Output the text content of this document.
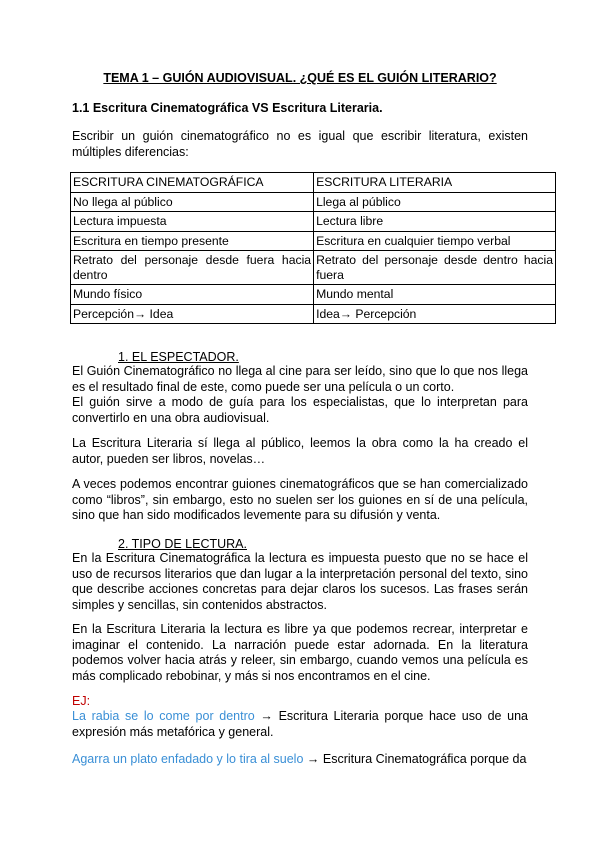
TEMA 1 – GUIÓN AUDIOVISUAL. ¿QUÉ ES EL GUIÓN LITERARIO?
1.1 Escritura Cinematográfica VS Escritura Literaria.
Escribir un guión cinematográfico no es igual que escribir literatura, existen múltiples diferencias:
ESCRITURA CINEMATOGRÁFICA	ESCRITURA LITERARIA
No llega al público	Llega al público
Lectura impuesta	Lectura libre
Escritura en tiempo presente	Escritura en cualquier tiempo verbal
Retrato del personaje desde fuera hacia dentro	Retrato del personaje desde dentro hacia fuera
Mundo físico	Mundo mental
Percepción→ Idea	Idea→ Percepción
1. EL ESPECTADOR.
El Guión Cinematográfico no llega al cine para ser leído, sino que lo que nos llega es el resultado final de este, como puede ser una película o un corto.
El guión sirve a modo de guía para los especialistas, que lo interpretan para convertirlo en una obra audiovisual.
La Escritura Literaria sí llega al público, leemos la obra como la ha creado el autor, pueden ser libros, novelas…
A veces podemos encontrar guiones cinematográficos que se han comercializado como “libros”, sin embargo, esto no suelen ser los guiones en sí de una película, sino que han sido modificados levemente para su difusión y venta.
2. TIPO DE LECTURA.
En la Escritura Cinematográfica la lectura es impuesta puesto que no se hace el uso de recursos literarios que dan lugar a la interpretación personal del texto, sino que describe acciones concretas para dejar claros los sucesos. Las frases serán simples y sencillas, sin contenidos abstractos.
En la Escritura Literaria la lectura es libre ya que podemos recrear, interpretar e imaginar el contenido. La narración puede estar adornada. En la literatura podemos volver hacia atrás y releer, sin embargo, cuando vemos una película es más complicado rebobinar, y más si nos encontramos en el cine.
EJ:
La rabia se lo come por dentro → Escritura Literaria porque hace uso de una expresión más metafórica y general.
Agarra un plato enfadado y lo tira al suelo → Escritura Cinematográfica porque da
